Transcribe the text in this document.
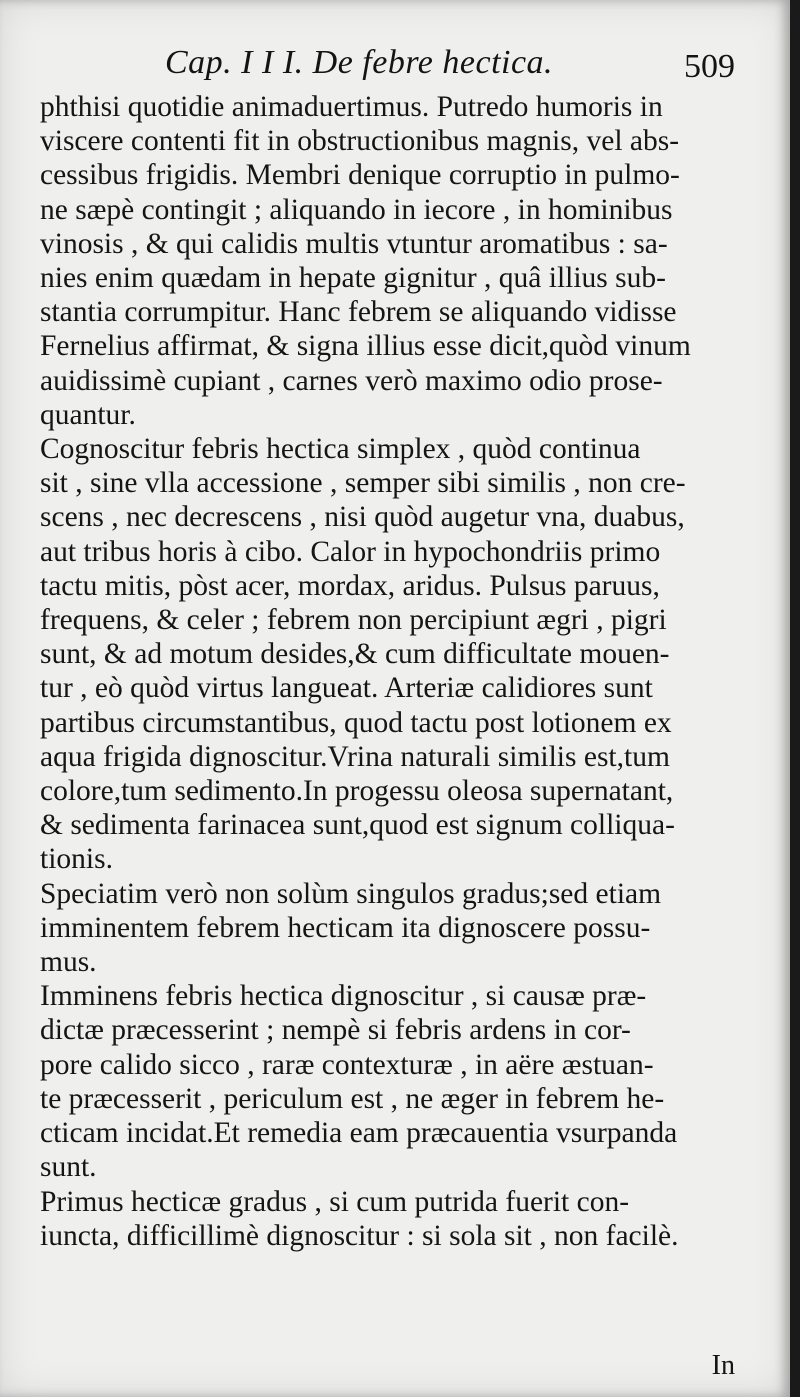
Cap. I I I. De febre hectica.	509
phthisi quotidie animaduertimus. Putredo humoris in
viscere contenti fit in obstructionibus magnis, vel abs-
cessibus frigidis. Membri denique corruptio in pulmo-
ne sæpè contingit ; aliquando in iecore , in hominibus
vinosis , & qui calidis multis vtuntur aromatibus : sa-
nies enim quædam in hepate gignitur , quâ illius sub-
stantia corrumpitur. Hanc febrem se aliquando vidisse
Fernelius affirmat, & signa illius esse dicit,quòd vinum
auidissimè cupiant , carnes verò maximo odio prose-
quantur.
Cognoscitur febris hectica simplex , quòd continua
sit , sine vlla accessione , semper sibi similis , non cre-
scens , nec decrescens , nisi quòd augetur vna, duabus,
aut tribus horis à cibo. Calor in hypochondriis primo
tactu mitis, pòst acer, mordax, aridus. Pulsus paruus,
frequens, & celer ; febrem non percipiunt ægri , pigri
sunt, & ad motum desides,& cum difficultate mouen-
tur , eò quòd virtus langueat. Arteriæ calidiores sunt
partibus circumstantibus, quod tactu post lotionem ex
aqua frigida dignoscitur.Vrina naturali similis est,tum
colore,tum sedimento.In progessu oleosa supernatant,
& sedimenta farinacea sunt,quod est signum colliqua-
tionis.
Speciatim verò non solùm singulos gradus;sed etiam
imminentem febrem hecticam ita dignoscere possu-
mus.
Imminens febris hectica dignoscitur , si causæ præ-
dictæ præcesserint ; nempè si febris ardens in cor-
pore calido sicco , raræ contexturæ , in aëre æstuan-
te præcesserit , periculum est , ne æger in febrem he-
cticam incidat.Et remedia eam præcauentia vsurpanda
sunt.
Primus hecticæ gradus , si cum putrida fuerit con-
iuncta, difficillimè dignoscitur : si sola sit , non facilè.
In
